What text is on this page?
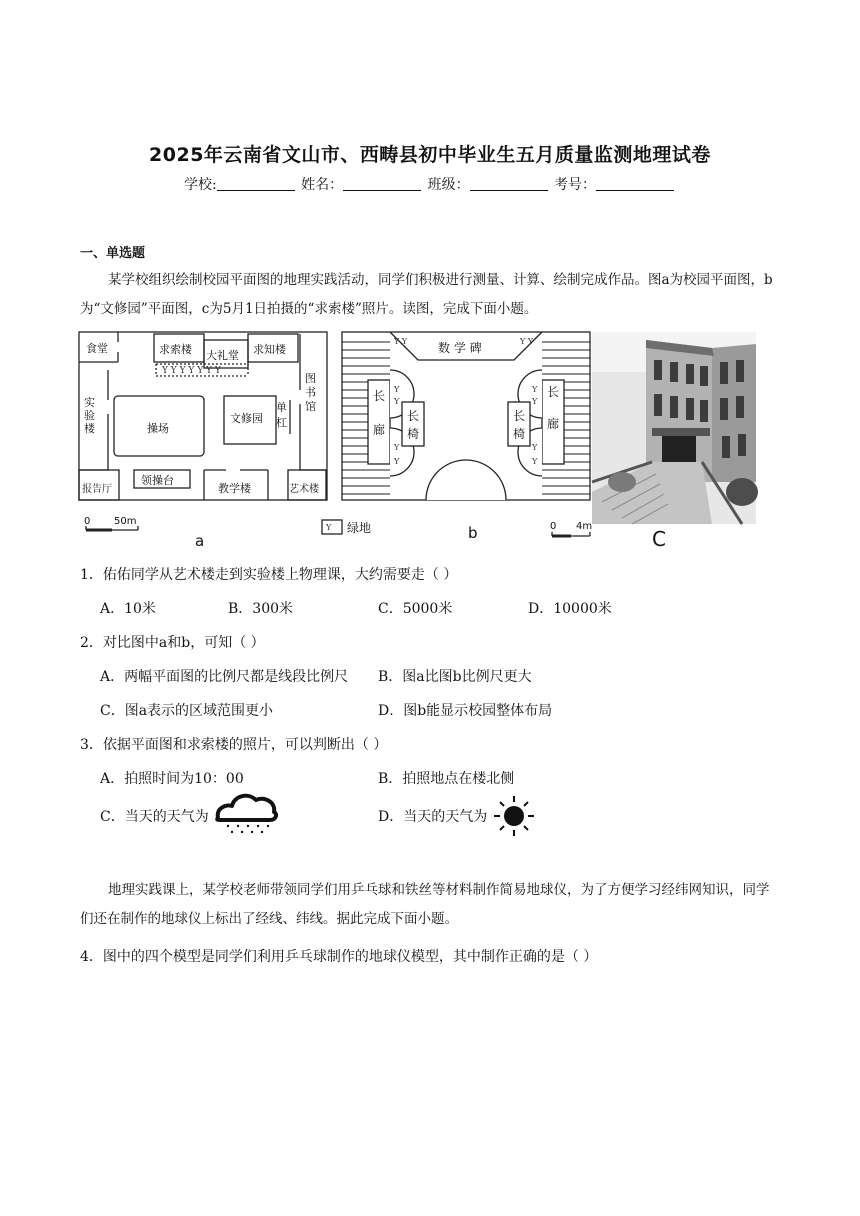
2025年云南省文山市、西畴县初中毕业生五月质量监测地理试卷
学校:	姓名：	班级：	考号：
一、单选题
某学校组织绘制校园平面图的地理实践活动，同学们积极进行测量、计算、绘制完成作品。图a为校园平面图，b为“文修园”平面图，c为5月1日拍摄的“求索楼”照片。读图，完成下面小题。
Y Y Y Y Y Y Y
食堂	求索楼 大礼堂 求知楼
操场
文修园
领操台
报告厅	教学楼	艺术楼
0 50m
a
实验楼
图书馆
单杠
Y Y	Y Y
Y
Y
Y
Y
Y
Y
Y
Y
Y
数 学 碑
长
廊
长
廊
长
椅
长
椅
绿地	0 4m
b	C
1．佑佑同学从艺术楼走到实验楼上物理课，大约需要走（ ）
A．10米	B．300米	C．5000米	D．10000米
2．对比图中a和b，可知（ ）
A．两幅平面图的比例尺都是线段比例尺 B．图a比图b比例尺更大
C．图a表示的区域范围更小	D．图b能显示校园整体布局
3．依据平面图和求索楼的照片，可以判断出（ ）
A．拍照时间为10：00	B．拍照地点在楼北侧
C．当天的天气为	D．当天的天气为
地理实践课上，某学校老师带领同学们用乒乓球和铁丝等材料制作简易地球仪，为了方便学习经纬网知识，同学们还在制作的地球仪上标出了经线、纬线。据此完成下面小题。
4．图中的四个模型是同学们利用乒乓球制作的地球仪模型，其中制作正确的是（ ）
